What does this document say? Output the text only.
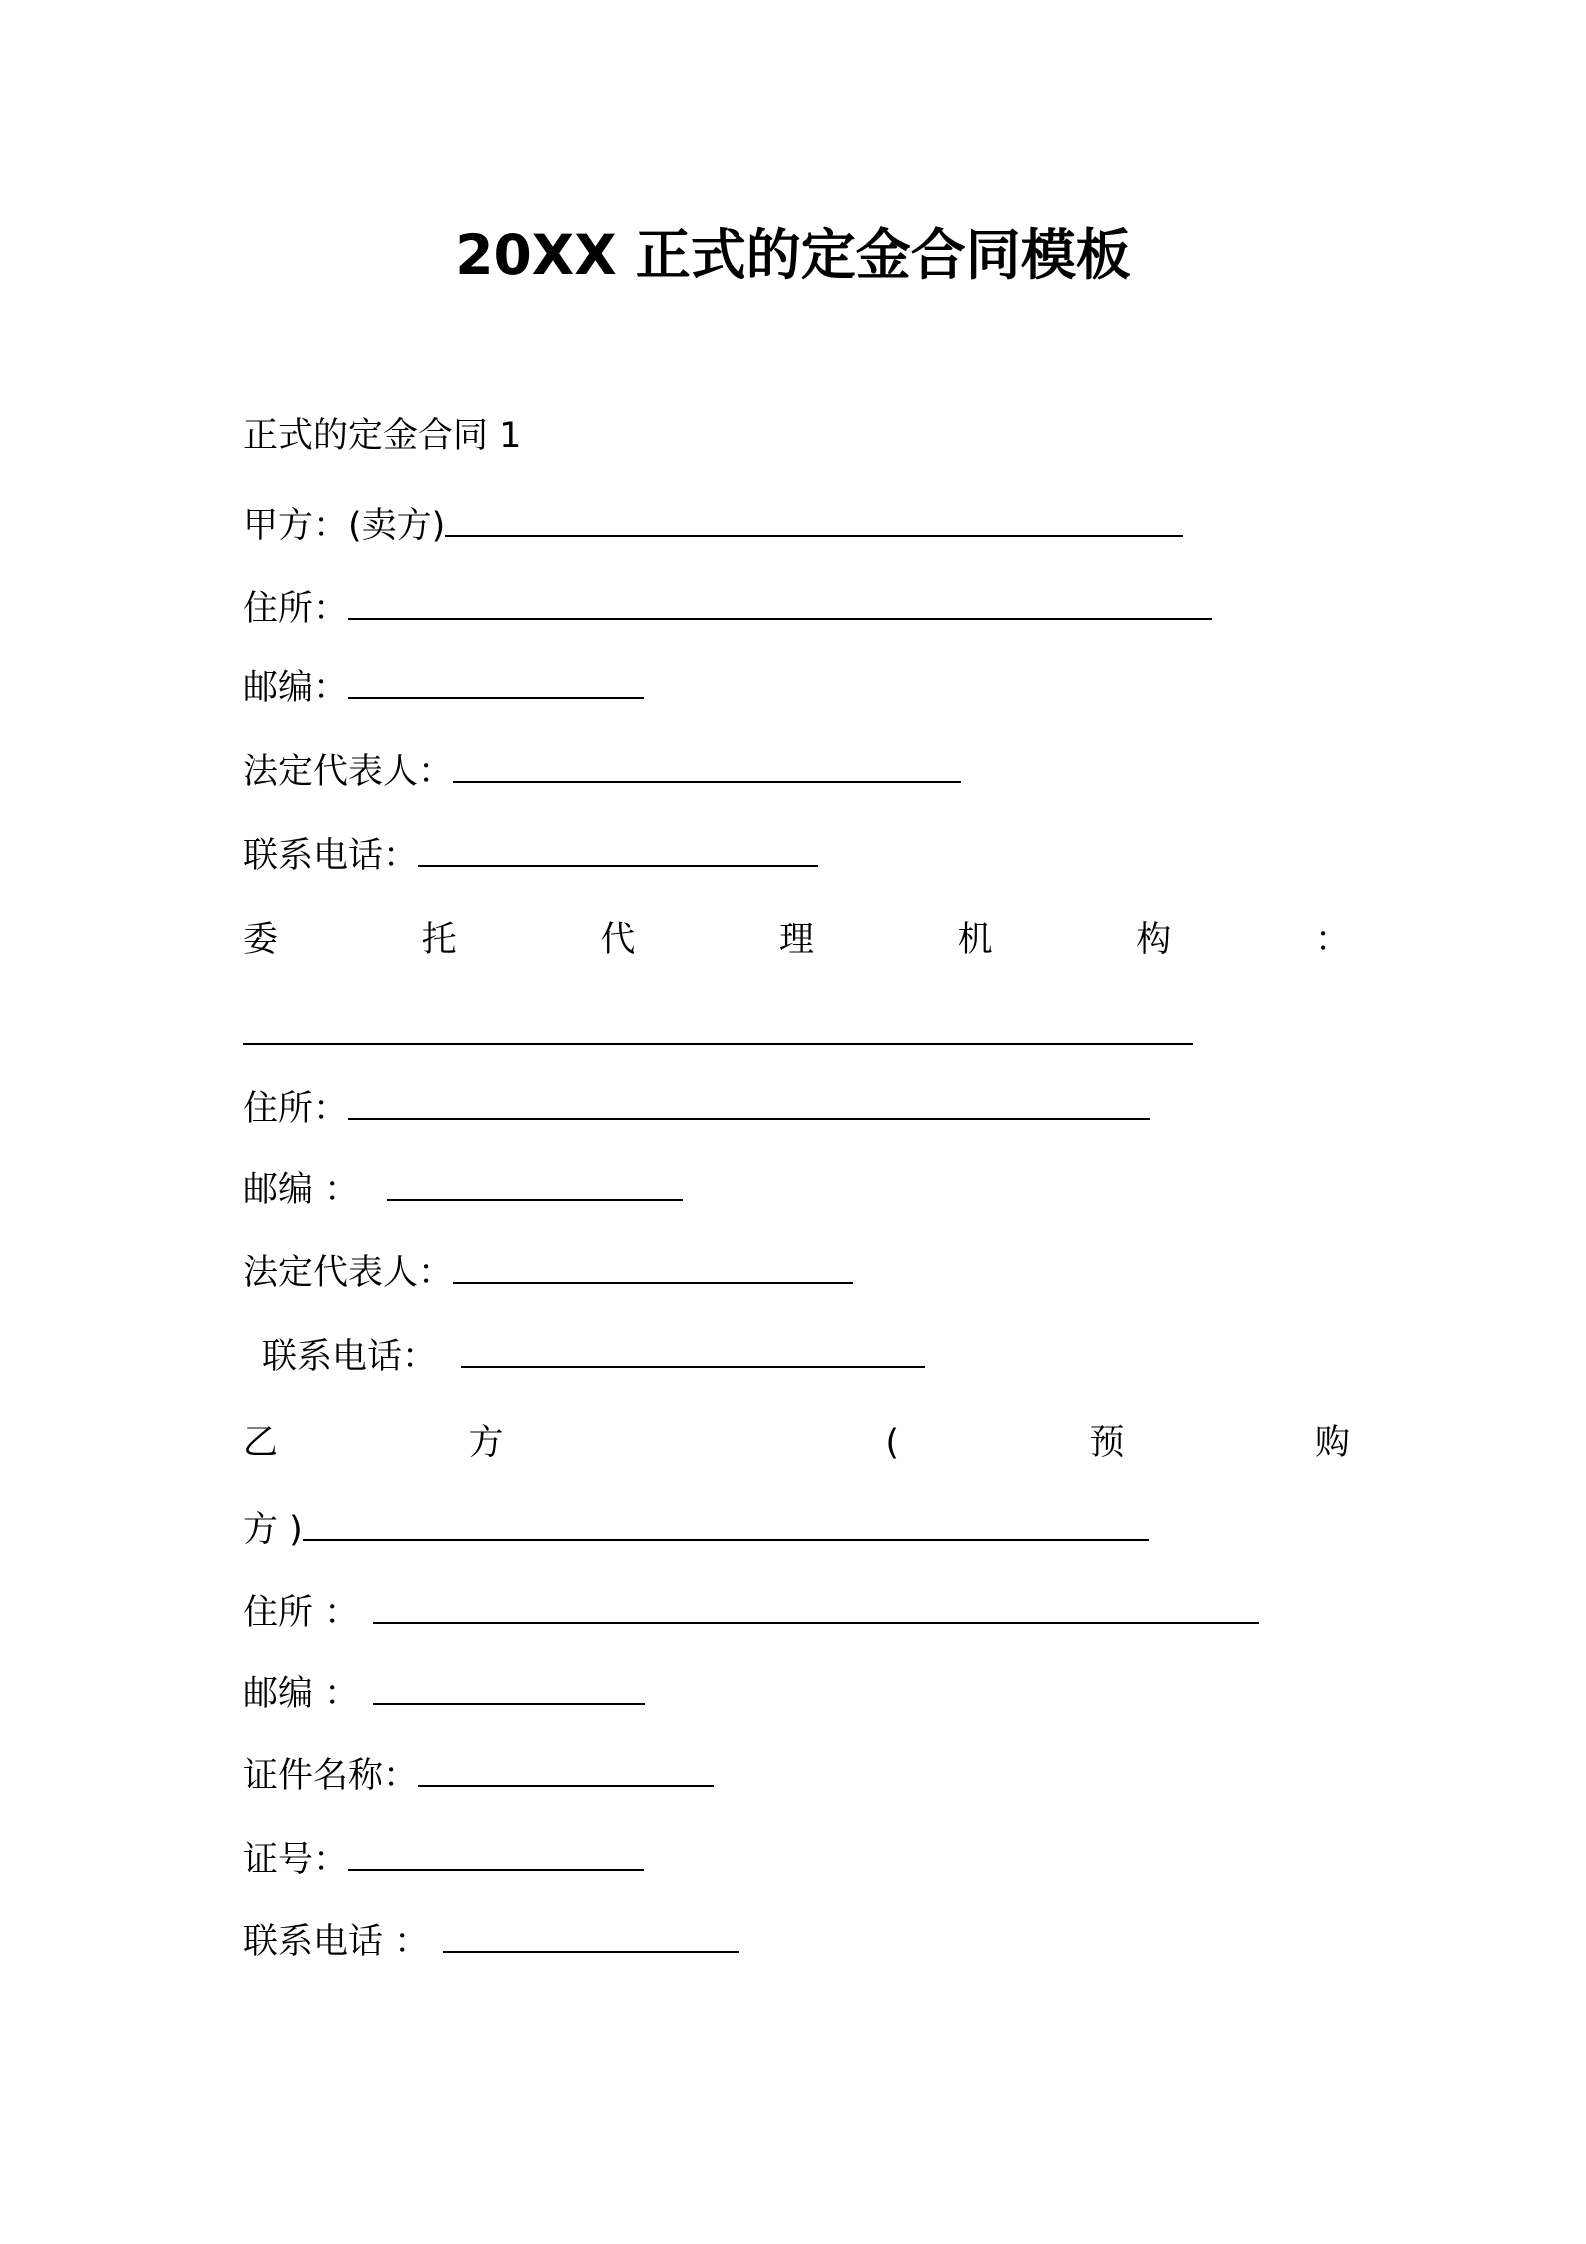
20XX 正式的定金合同模板

正式的定金合同 1

甲方：(卖方)

住所：

邮编：

法定代表人：

联系电话：

委	托	代	理	机	构	：

住所：

邮编 ：

法定代表人：

联系电话：

乙	方	(	预	购

方 )

住所 ：

邮编 ：

证件名称：

证号：

联系电话 ：
